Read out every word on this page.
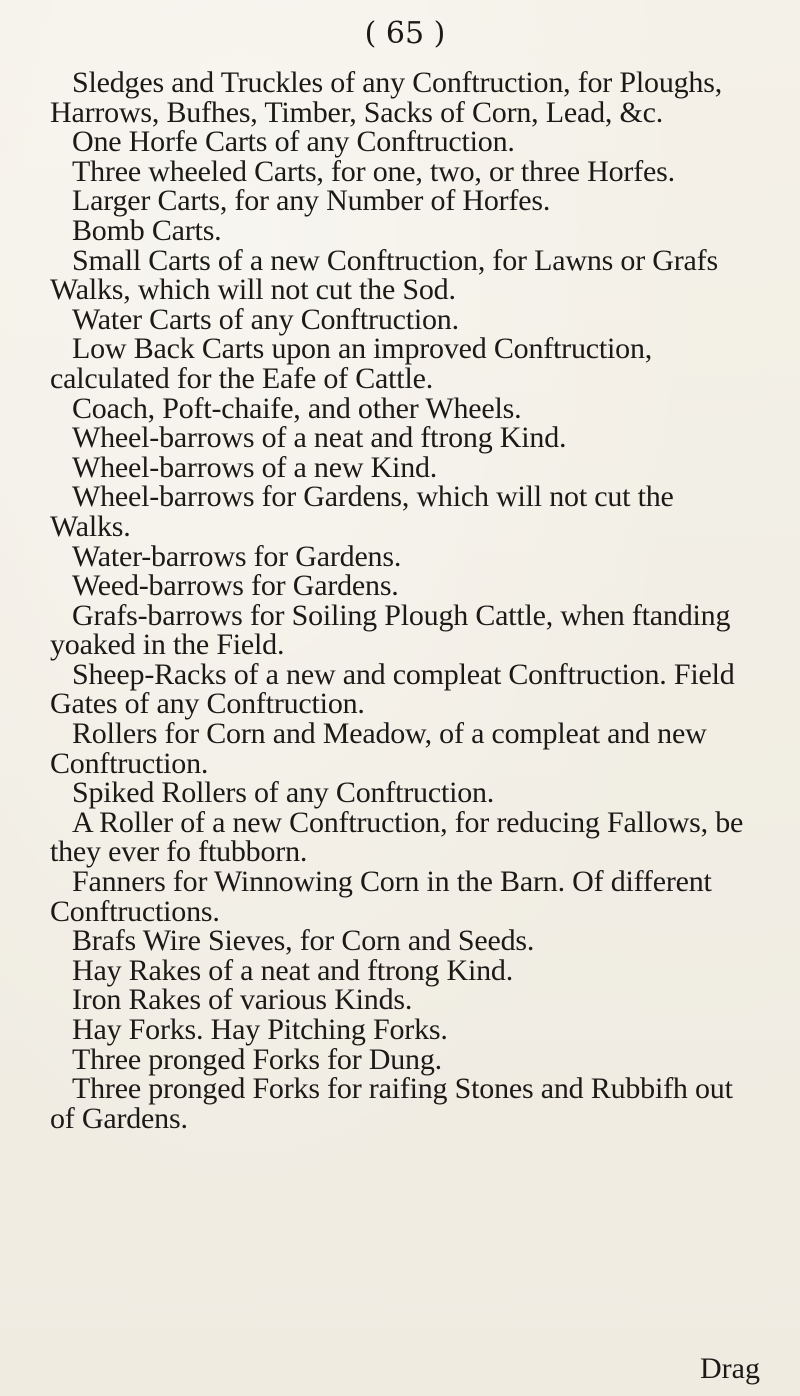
( 65 )

Sledges and Truckles of any Conftruction, for Ploughs, Harrows, Bufhes, Timber, Sacks of Corn, Lead, &c.

One Horfe Carts of any Conftruction.

Three wheeled Carts, for one, two, or three Horfes.

Larger Carts, for any Number of Horfes.

Bomb Carts.

Small Carts of a new Conftruction, for Lawns or Grafs Walks, which will not cut the Sod.

Water Carts of any Conftruction.

Low Back Carts upon an improved Conftruction, calculated for the Eafe of Cattle.

Coach, Poft-chaife, and other Wheels.

Wheel-barrows of a neat and ftrong Kind.

Wheel-barrows of a new Kind.

Wheel-barrows for Gardens, which will not cut the Walks.

Water-barrows for Gardens.

Weed-barrows for Gardens.

Grafs-barrows for Soiling Plough Cattle, when ftanding yoaked in the Field.

Sheep-Racks of a new and compleat Conftruction. Field Gates of any Conftruction.

Rollers for Corn and Meadow, of a compleat and new Conftruction.

Spiked Rollers of any Conftruction.

A Roller of a new Conftruction, for reducing Fallows, be they ever fo ftubborn.

Fanners for Winnowing Corn in the Barn. Of different Conftructions.

Brafs Wire Sieves, for Corn and Seeds.

Hay Rakes of a neat and ftrong Kind.

Iron Rakes of various Kinds.

Hay Forks. Hay Pitching Forks.

Three pronged Forks for Dung.

Three pronged Forks for raifing Stones and Rubbifh out of Gardens.

Drag
